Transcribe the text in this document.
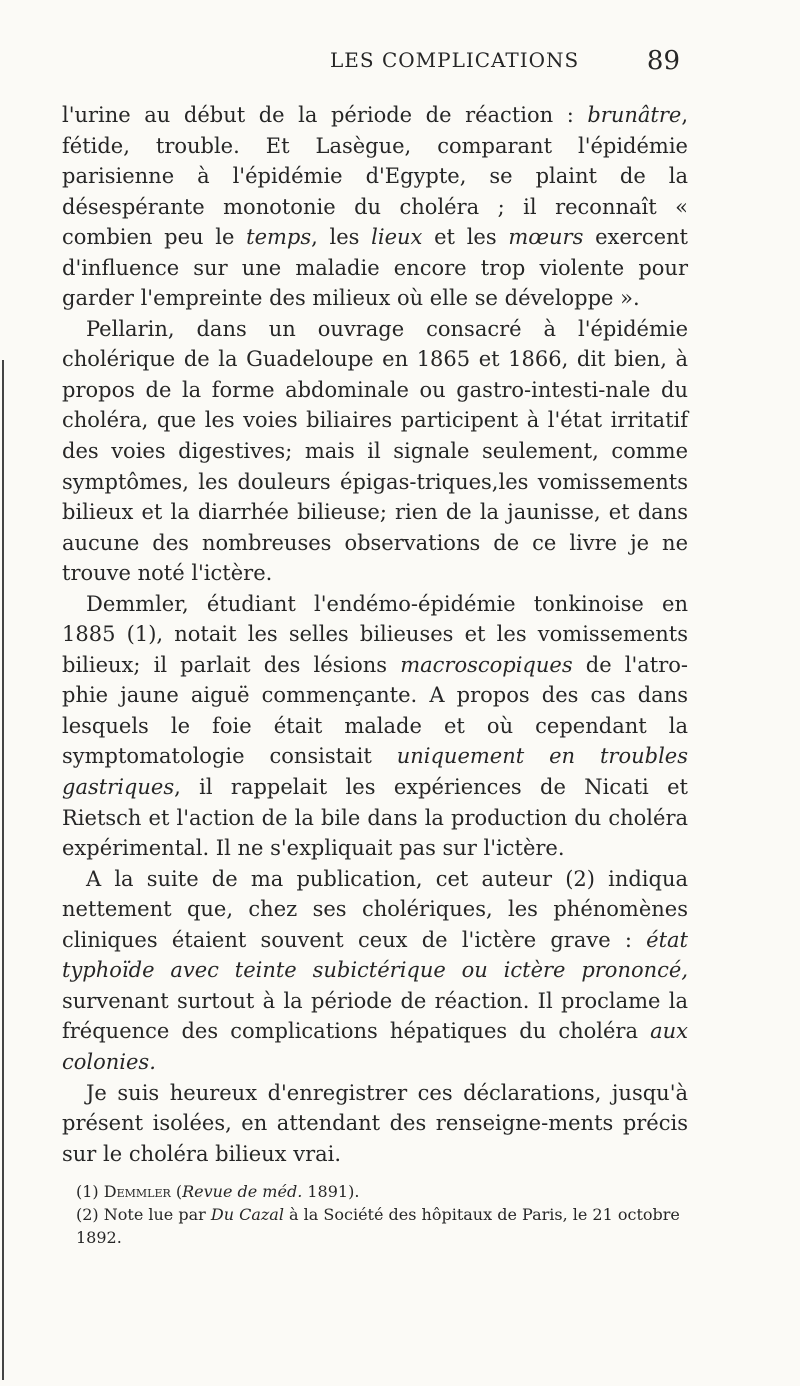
LES COMPLICATIONS	89

l'urine au début de la période de réaction : brunâtre, fétide, trouble. Et Lasègue, comparant l'épidémie parisienne à l'épidémie d'Egypte, se plaint de la désespérante monotonie du choléra ; il reconnaît « combien peu le temps, les lieux et les mœurs exercent d'influence sur une maladie encore trop violente pour garder l'empreinte des milieux où elle se développe ».

Pellarin, dans un ouvrage consacré à l'épidémie cholérique de la Guadeloupe en 1865 et 1866, dit bien, à propos de la forme abdominale ou gastro-intesti-nale du choléra, que les voies biliaires participent à l'état irritatif des voies digestives; mais il signale seulement, comme symptômes, les douleurs épigas-triques,les vomissements bilieux et la diarrhée bilieuse; rien de la jaunisse, et dans aucune des nombreuses observations de ce livre je ne trouve noté l'ictère.

Demmler, étudiant l'endémo-épidémie tonkinoise en 1885 (1), notait les selles bilieuses et les vomissements bilieux; il parlait des lésions macroscopiques de l'atro-phie jaune aiguë commençante. A propos des cas dans lesquels le foie était malade et où cependant la symptomatologie consistait uniquement en troubles gastriques, il rappelait les expériences de Nicati et Rietsch et l'action de la bile dans la production du choléra expérimental. Il ne s'expliquait pas sur l'ictère.

A la suite de ma publication, cet auteur (2) indiqua nettement que, chez ses cholériques, les phénomènes cliniques étaient souvent ceux de l'ictère grave : état typhoïde avec teinte subictérique ou ictère prononcé, survenant surtout à la période de réaction. Il proclame la fréquence des complications hépatiques du choléra aux colonies.

Je suis heureux d'enregistrer ces déclarations, jusqu'à présent isolées, en attendant des renseigne-ments précis sur le choléra bilieux vrai.

(1) Demmler (Revue de méd. 1891).

(2) Note lue par Du Cazal à la Société des hôpitaux de Paris, le 21 octobre 1892.
